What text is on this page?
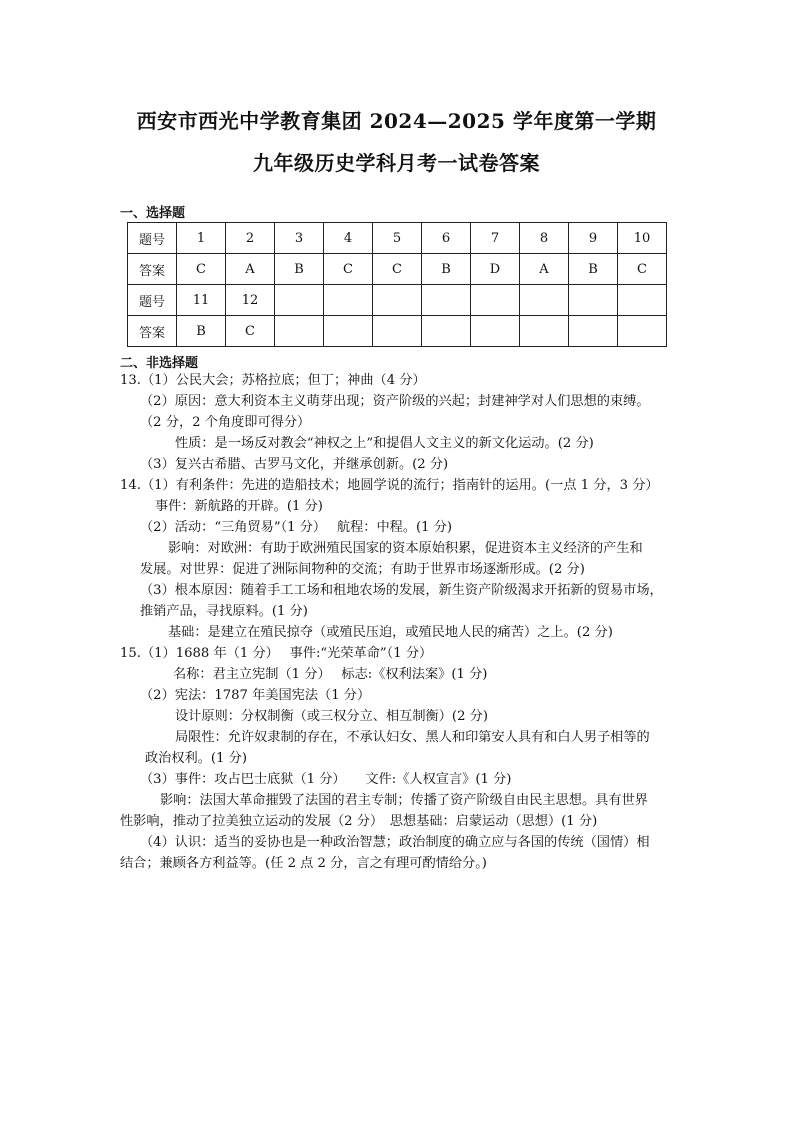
西安市西光中学教育集团 2024—2025 学年度第一学期
九年级历史学科月考一试卷答案
一、选择题
题号	1	2	3	4	5	6	7	8	9	10
答案	C	A	B	C	C	B	D	A	B	C
题号	11	12								
答案	B	C								
二、非选择题
13.（1）公民大会；苏格拉底；但丁；神曲（4 分）
（2）原因：意大利资本主义萌芽出现；资产阶级的兴起；封建神学对人们思想的束缚。
（2 分，2 个角度即可得分）
性质：是一场反对教会“神权之上”和提倡人文主义的新文化运动。(2 分)
（3）复兴古希腊、古罗马文化，并继承创新。(2 分)
14.（1）有利条件：先进的造船技术；地圆学说的流行；指南针的运用。(一点 1 分，3 分）
事件：新航路的开辟。(1 分)
（2）活动：“三角贸易”（1 分）　 航程：中程。(1 分)
影响：对欧洲：有助于欧洲殖民国家的资本原始积累，促进资本主义经济的产生和
发展。对世界：促进了洲际间物种的交流；有助于世界市场逐渐形成。(2 分)
（3）根本原因：随着手工工场和租地农场的发展，新生资产阶级渴求开拓新的贸易市场，
推销产品，寻找原料。(1 分)
基础：是建立在殖民掠夺（或殖民压迫，或殖民地人民的痛苦）之上。(2 分)
15.（1）1688 年（1 分）　 事件:“光荣革命”（1 分）
名称：君主立宪制（1 分）　 标志:《权利法案》(1 分)
（2）宪法：1787 年美国宪法（1 分）
设计原则：分权制衡（或三权分立、相互制衡）(2 分)
局限性：允许奴隶制的存在，不承认妇女、黑人和印第安人具有和白人男子相等的
政治权利。(1 分)
（3）事件：攻占巴士底狱（1 分）　　文件:《人权宣言》(1 分)
影响：法国大革命摧毁了法国的君主专制；传播了资产阶级自由民主思想。具有世界
性影响，推动了拉美独立运动的发展（2 分）　思想基础：启蒙运动（思想）(1 分)
（4）认识：适当的妥协也是一种政治智慧；政治制度的确立应与各国的传统（国情）相
结合；兼顾各方利益等。(任 2 点 2 分，言之有理可酌情给分。)
